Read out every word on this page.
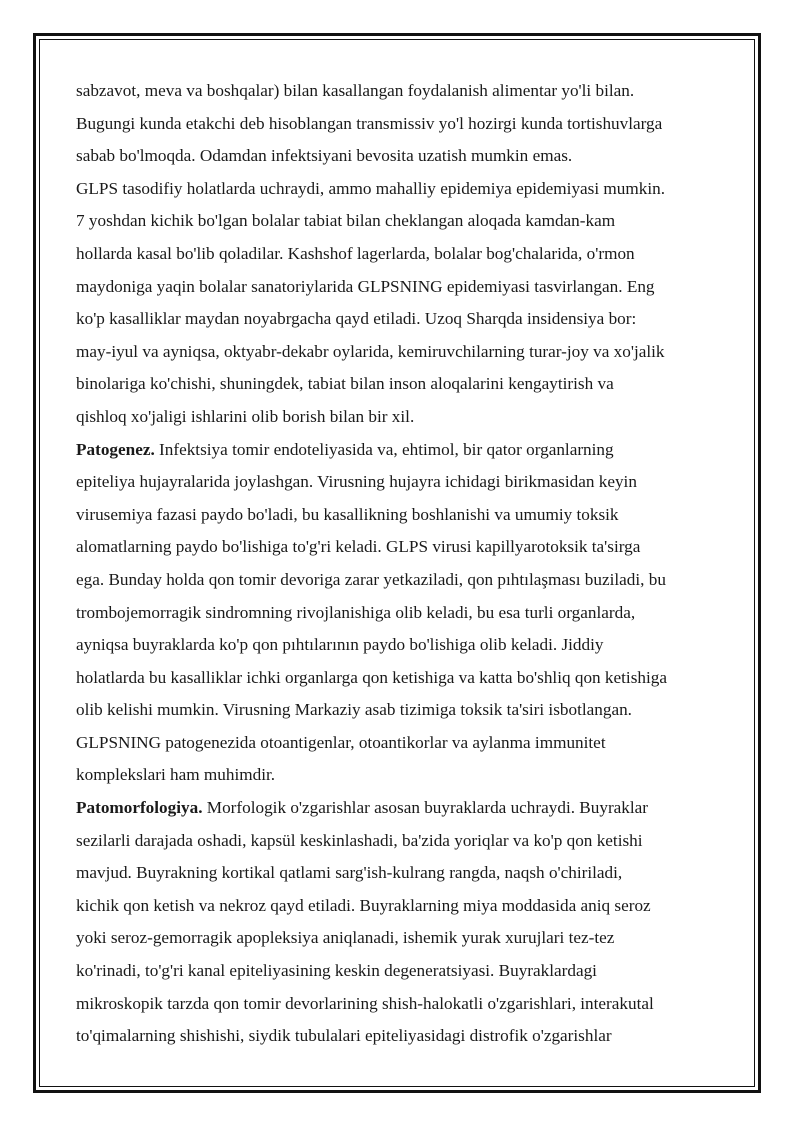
sabzavot, meva va boshqalar) bilan kasallangan foydalanish alimentar yo'li bilan.
Bugungi kunda etakchi deb hisoblangan transmissiv yo'l hozirgi kunda tortishuvlarga
sabab bo'lmoqda. Odamdan infektsiyani bevosita uzatish mumkin emas.
GLPS tasodifiy holatlarda uchraydi, ammo mahalliy epidemiya epidemiyasi mumkin.
7 yoshdan kichik bo'lgan bolalar tabiat bilan cheklangan aloqada kamdan-kam
hollarda kasal bo'lib qoladilar. Kashshof lagerlarda, bolalar bog'chalarida, o'rmon
maydoniga yaqin bolalar sanatoriylarida GLPSNING epidemiyasi tasvirlangan. Eng
ko'p kasalliklar maydan noyabrgacha qayd etiladi. Uzoq Sharqda insidensiya bor:
may-iyul va ayniqsa, oktyabr-dekabr oylarida, kemiruvchilarning turar-joy va xo'jalik
binolariga ko'chishi, shuningdek, tabiat bilan inson aloqalarini kengaytirish va
qishloq xo'jaligi ishlarini olib borish bilan bir xil.
Patogenez. Infektsiya tomir endoteliyasida va, ehtimol, bir qator organlarning
epiteliya hujayralarida joylashgan. Virusning hujayra ichidagi birikmasidan keyin
virusemiya fazasi paydo bo'ladi, bu kasallikning boshlanishi va umumiy toksik
alomatlarning paydo bo'lishiga to'g'ri keladi. GLPS virusi kapillyarotoksik ta'sirga
ega. Bunday holda qon tomir devoriga zarar yetkaziladi, qon pıhtılaşması buziladi, bu
trombojemorragik sindromning rivojlanishiga olib keladi, bu esa turli organlarda,
ayniqsa buyraklarda ko'p qon pıhtılarının paydo bo'lishiga olib keladi. Jiddiy
holatlarda bu kasalliklar ichki organlarga qon ketishiga va katta bo'shliq qon ketishiga
olib kelishi mumkin. Virusning Markaziy asab tizimiga toksik ta'siri isbotlangan.
GLPSNING patogenezida otoantigenlar, otoantikorlar va aylanma immunitet
komplekslari ham muhimdir.
Patomorfologiya. Morfologik o'zgarishlar asosan buyraklarda uchraydi. Buyraklar
sezilarli darajada oshadi, kapsül keskinlashadi, ba'zida yoriqlar va ko'p qon ketishi
mavjud. Buyrakning kortikal qatlami sarg'ish-kulrang rangda, naqsh o'chiriladi,
kichik qon ketish va nekroz qayd etiladi. Buyraklarning miya moddasida aniq seroz
yoki seroz-gemorragik apopleksiya aniqlanadi, ishemik yurak xurujlari tez-tez
ko'rinadi, to'g'ri kanal epiteliyasining keskin degeneratsiyasi. Buyraklardagi
mikroskopik tarzda qon tomir devorlarining shish-halokatli o'zgarishlari, interakutal
to'qimalarning shishishi, siydik tubulalari epiteliyasidagi distrofik o'zgarishlar
